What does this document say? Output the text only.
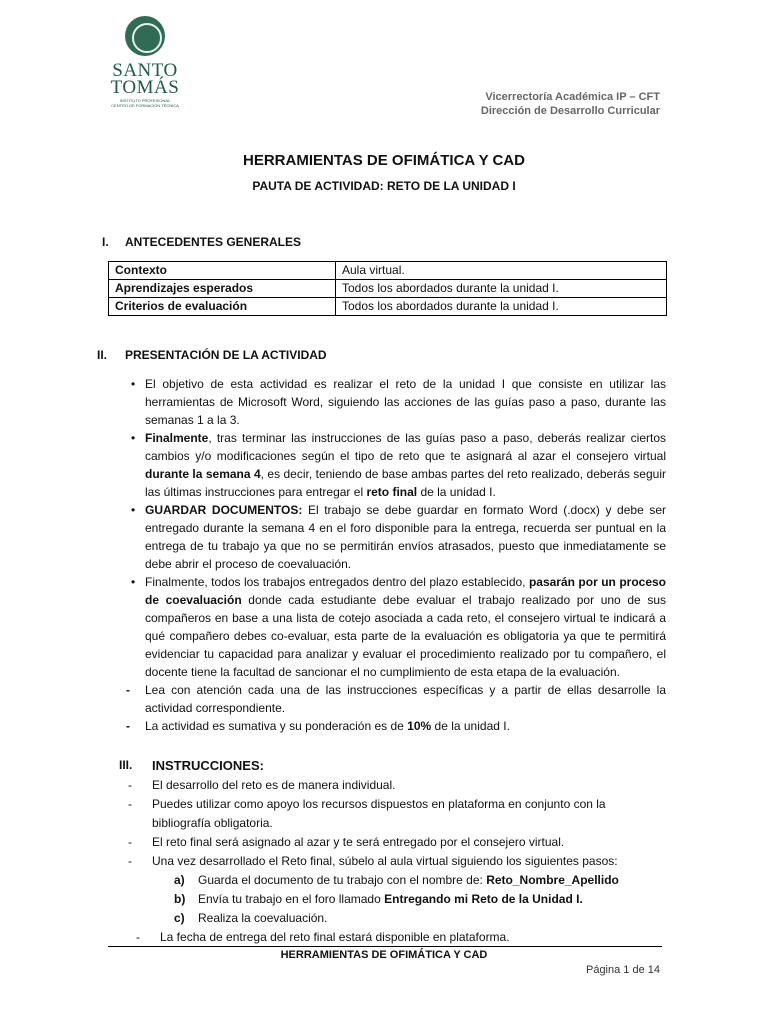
SANTO
TOMÁS
INSTITUTO PROFESIONAL
CENTRO DE FORMACIÓN TÉCNICA
Vicerrectoría Académica IP – CFT
Dirección de Desarrollo Curricular
HERRAMIENTAS DE OFIMÁTICA Y CAD
PAUTA DE ACTIVIDAD: RETO DE LA UNIDAD I
I. ANTECEDENTES GENERALES
Contexto	Aula virtual.
Aprendizajes esperados	Todos los abordados durante la unidad I.
Criterios de evaluación	Todos los abordados durante la unidad I.
II. PRESENTACIÓN DE LA ACTIVIDAD
• El objetivo de esta actividad es realizar el reto de la unidad I que consiste en utilizar las herramientas de Microsoft Word, siguiendo las acciones de las guías paso a paso, durante las semanas 1 a la 3.
• Finalmente, tras terminar las instrucciones de las guías paso a paso, deberás realizar ciertos cambios y/o modificaciones según el tipo de reto que te asignará al azar el consejero virtual durante la semana 4, es decir, teniendo de base ambas partes del reto realizado, deberás seguir las últimas instrucciones para entregar el reto final de la unidad I.
• GUARDAR DOCUMENTOS: El trabajo se debe guardar en formato Word (.docx) y debe ser entregado durante la semana 4 en el foro disponible para la entrega, recuerda ser puntual en la entrega de tu trabajo ya que no se permitirán envíos atrasados, puesto que inmediatamente se debe abrir el proceso de coevaluación.
• Finalmente, todos los trabajos entregados dentro del plazo establecido, pasarán por un proceso de coevaluación donde cada estudiante debe evaluar el trabajo realizado por uno de sus compañeros en base a una lista de cotejo asociada a cada reto, el consejero virtual te indicará a qué compañero debes co-evaluar, esta parte de la evaluación es obligatoria ya que te permitirá evidenciar tu capacidad para analizar y evaluar el procedimiento realizado por tu compañero, el docente tiene la facultad de sancionar el no cumplimiento de esta etapa de la evaluación.
- Lea con atención cada una de las instrucciones específicas y a partir de ellas desarrolle la actividad correspondiente.
- La actividad es sumativa y su ponderación es de 10% de la unidad I.
III. INSTRUCCIONES:
- El desarrollo del reto es de manera individual.
- Puedes utilizar como apoyo los recursos dispuestos en plataforma en conjunto con la bibliografía obligatoria.
- El reto final será asignado al azar y te será entregado por el consejero virtual.
- Una vez desarrollado el Reto final, súbelo al aula virtual siguiendo los siguientes pasos:
a) Guarda el documento de tu trabajo con el nombre de: Reto_Nombre_Apellido
b) Envía tu trabajo en el foro llamado Entregando mi Reto de la Unidad I.
c) Realiza la coevaluación.
- La fecha de entrega del reto final estará disponible en plataforma.
HERRAMIENTAS DE OFIMÁTICA Y CAD
Página 1 de 14
